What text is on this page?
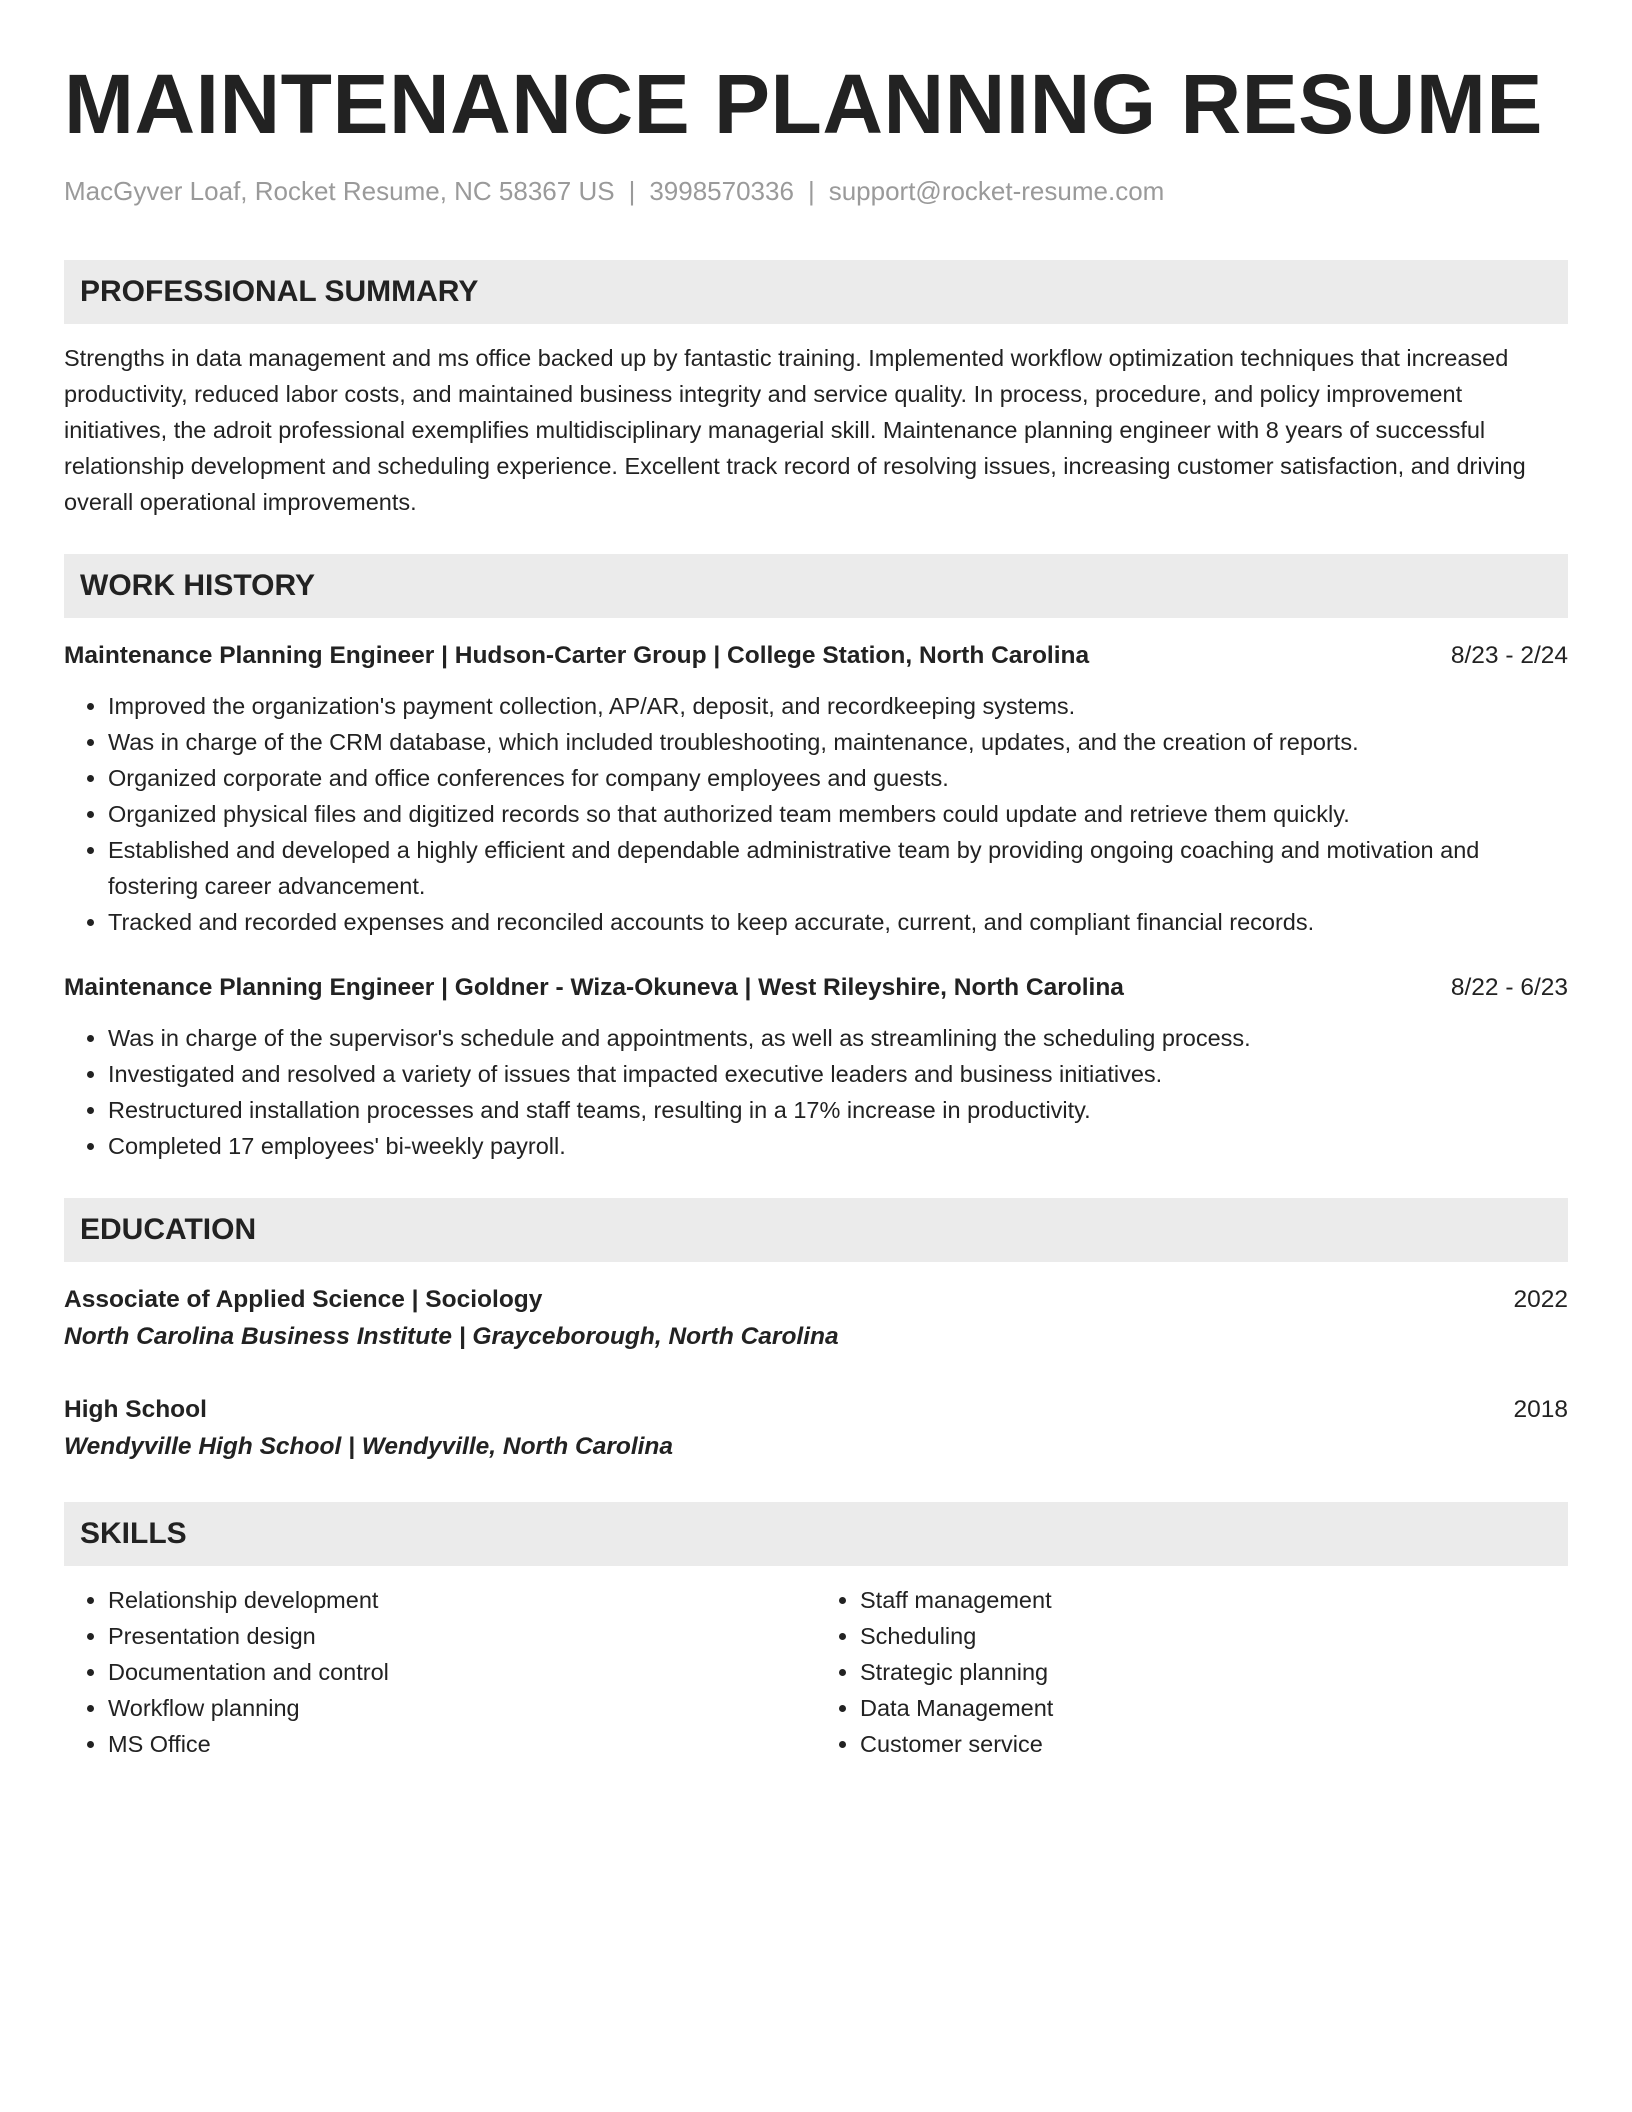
MAINTENANCE PLANNING RESUME
MacGyver Loaf, Rocket Resume, NC 58367 US | 3998570336 | support@rocket-resume.com
PROFESSIONAL SUMMARY
Strengths in data management and ms office backed up by fantastic training. Implemented workflow optimization techniques that increased productivity, reduced labor costs, and maintained business integrity and service quality. In process, procedure, and policy improvement initiatives, the adroit professional exemplifies multidisciplinary managerial skill. Maintenance planning engineer with 8 years of successful relationship development and scheduling experience. Excellent track record of resolving issues, increasing customer satisfaction, and driving overall operational improvements.
WORK HISTORY
Maintenance Planning Engineer | Hudson-Carter Group | College Station, North Carolina	8/23 - 2/24
• Improved the organization's payment collection, AP/AR, deposit, and recordkeeping systems.
• Was in charge of the CRM database, which included troubleshooting, maintenance, updates, and the creation of reports.
• Organized corporate and office conferences for company employees and guests.
• Organized physical files and digitized records so that authorized team members could update and retrieve them quickly.
• Established and developed a highly efficient and dependable administrative team by providing ongoing coaching and motivation and fostering career advancement.
• Tracked and recorded expenses and reconciled accounts to keep accurate, current, and compliant financial records.
Maintenance Planning Engineer | Goldner - Wiza-Okuneva | West Rileyshire, North Carolina	8/22 - 6/23
• Was in charge of the supervisor's schedule and appointments, as well as streamlining the scheduling process.
• Investigated and resolved a variety of issues that impacted executive leaders and business initiatives.
• Restructured installation processes and staff teams, resulting in a 17% increase in productivity.
• Completed 17 employees' bi-weekly payroll.
EDUCATION
Associate of Applied Science | Sociology	2022
North Carolina Business Institute | Grayceborough, North Carolina
High School	2018
Wendyville High School | Wendyville, North Carolina
SKILLS
• Relationship development
• Presentation design
• Documentation and control
• Workflow planning
• MS Office
• Staff management
• Scheduling
• Strategic planning
• Data Management
• Customer service
